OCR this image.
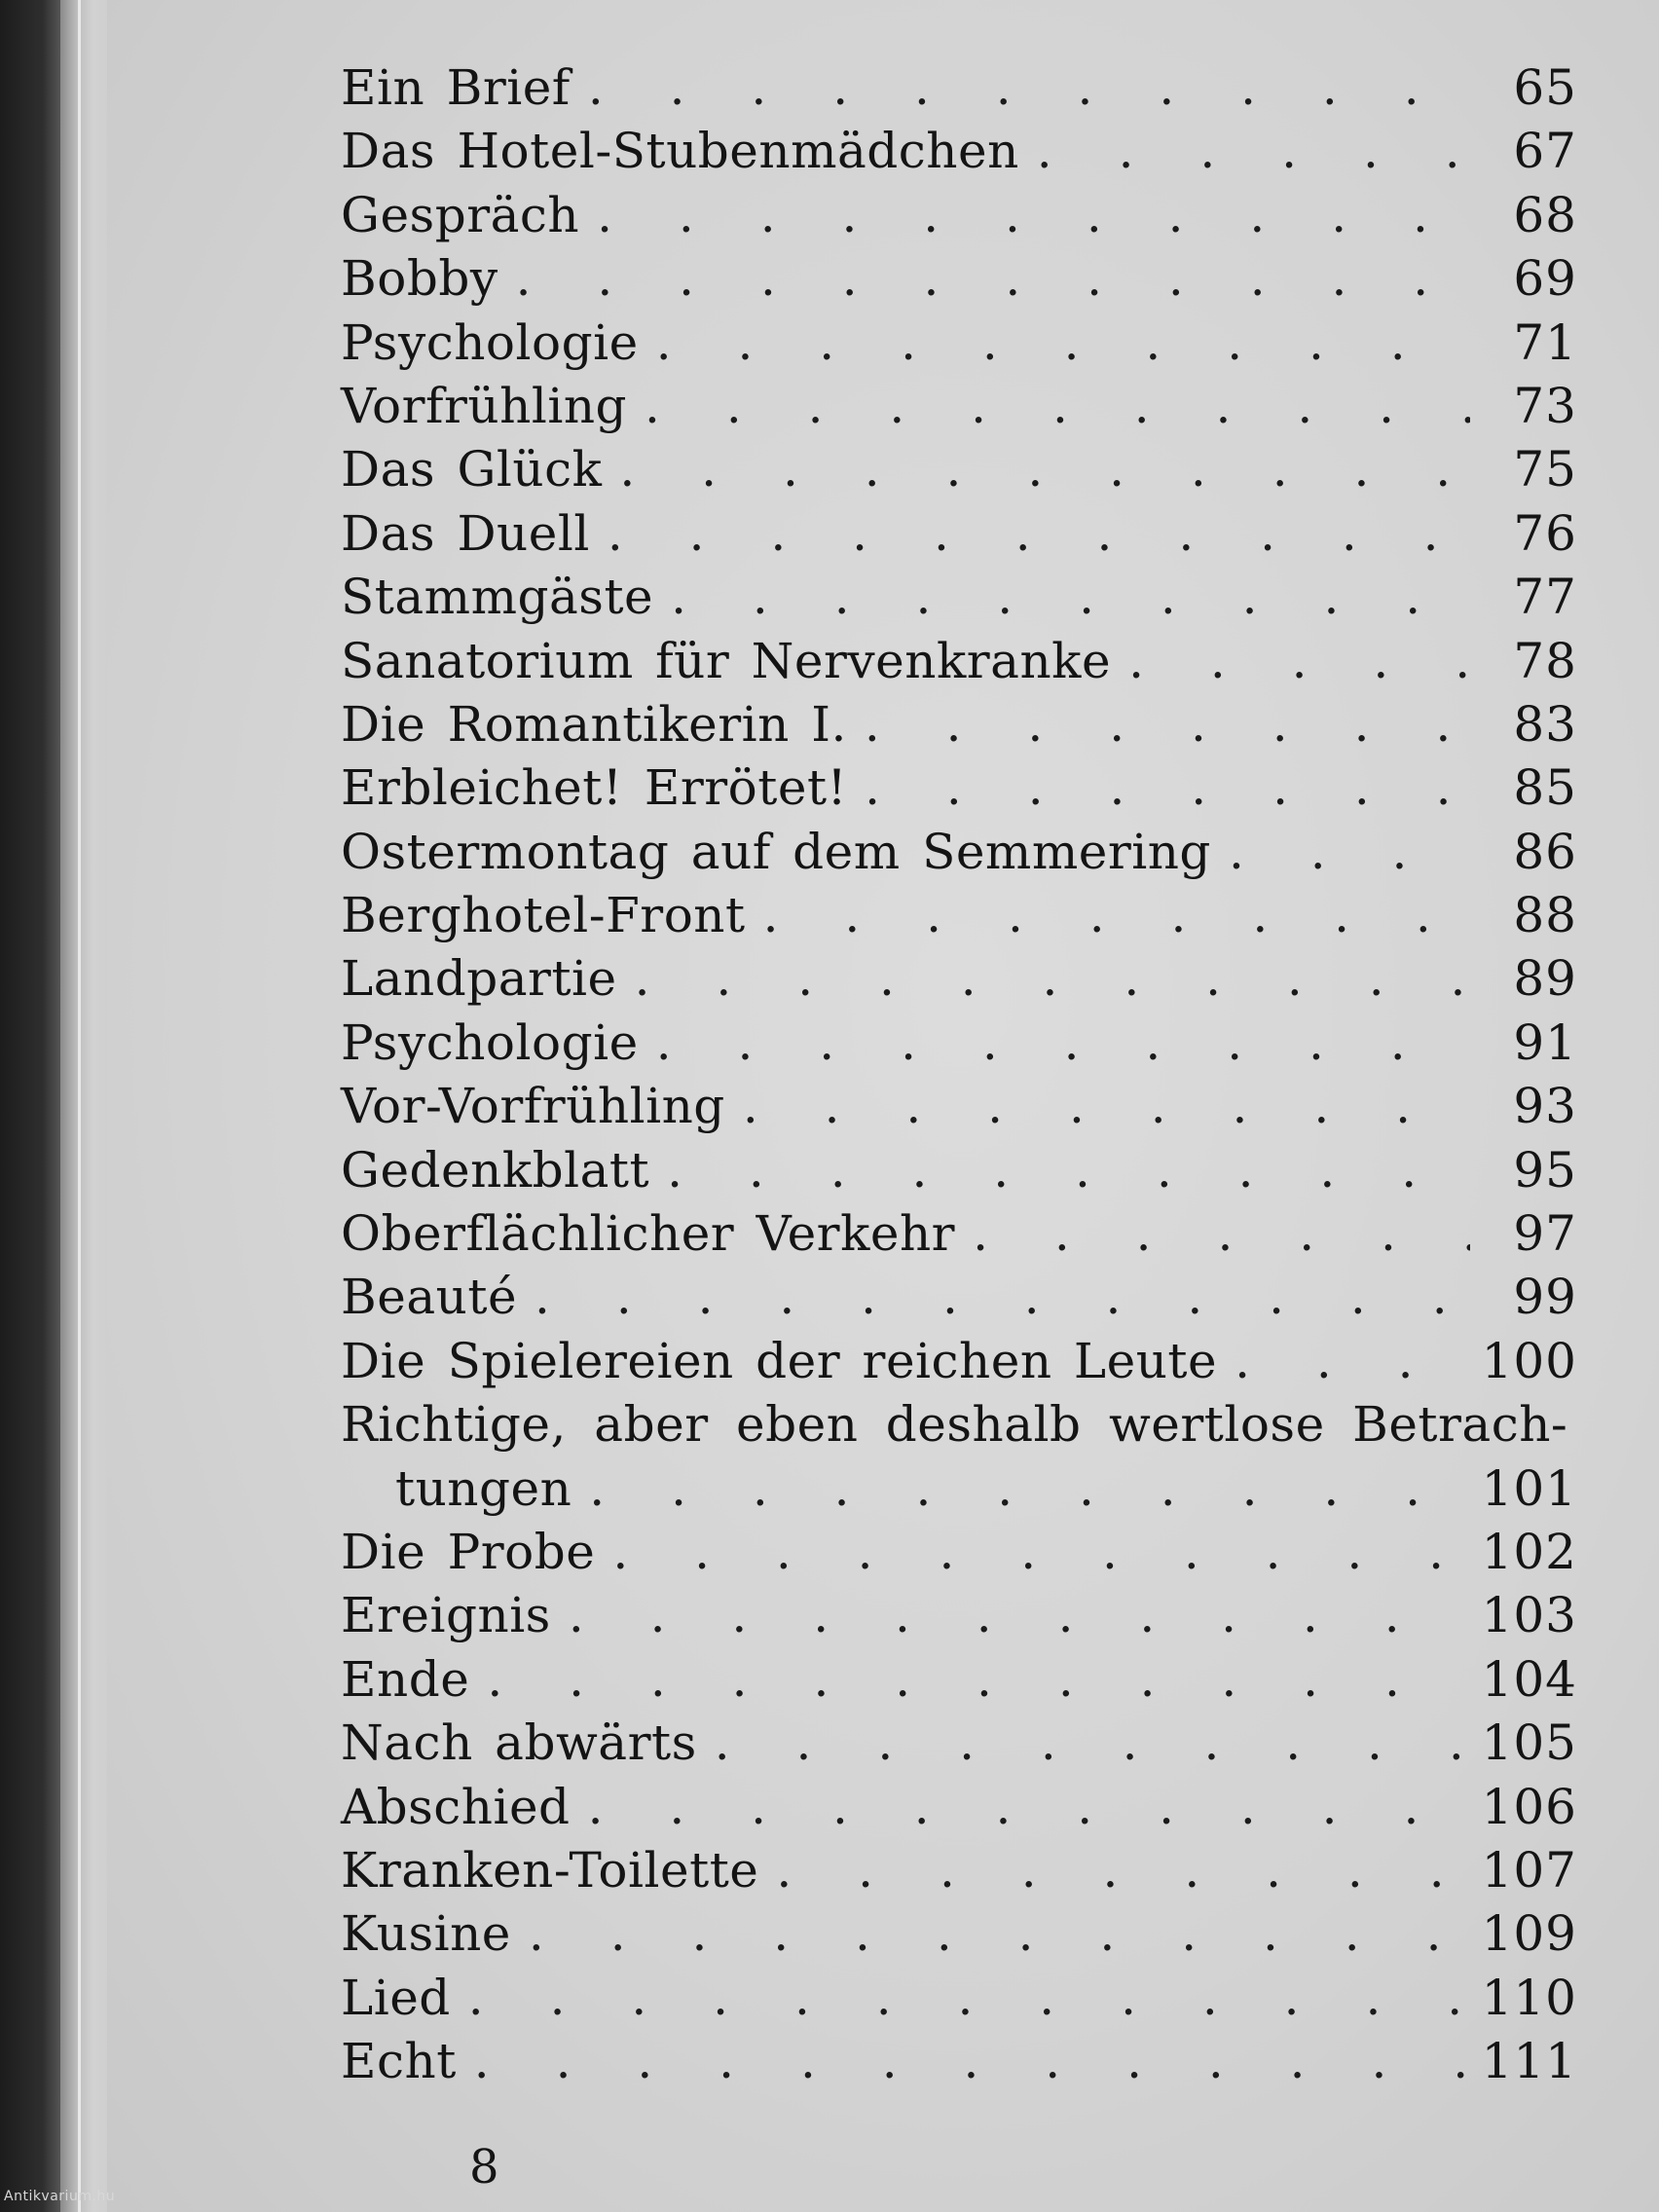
Ein Brief . . .	65
Das Hotel-Stubenmädchen . . .	67
Gespräch . . .	68
Bobby . . .	69
Psychologie . . .	71
Vorfrühling . . .	73
Das Glück . . .	75
Das Duell . . .	76
Stammgäste . . .	77
Sanatorium für Nervenkranke . . .	78
Die Romantikerin I. . . .	83
Erbleichet! Errötet! . . .	85
Ostermontag auf dem Semmering . . .	86
Berghotel-Front . . .	88
Landpartie . . .	89
Psychologie . . .	91
Vor-Vorfrühling . . .	93
Gedenkblatt . . .	95
Oberflächlicher Verkehr . . .	97
Beauté . . .	99
Die Spielereien der reichen Leute . . .	100
Richtige, aber eben deshalb wertlose Betrach-
tungen . . .	101
Die Probe . . .	102
Ereignis . . .	103
Ende . . .	104
Nach abwärts . . .	105
Abschied . . .	106
Kranken-Toilette . . .	107
Kusine . . .	109
Lied . . .	110
Echt . . .	111
8
Antikvarium.hu
